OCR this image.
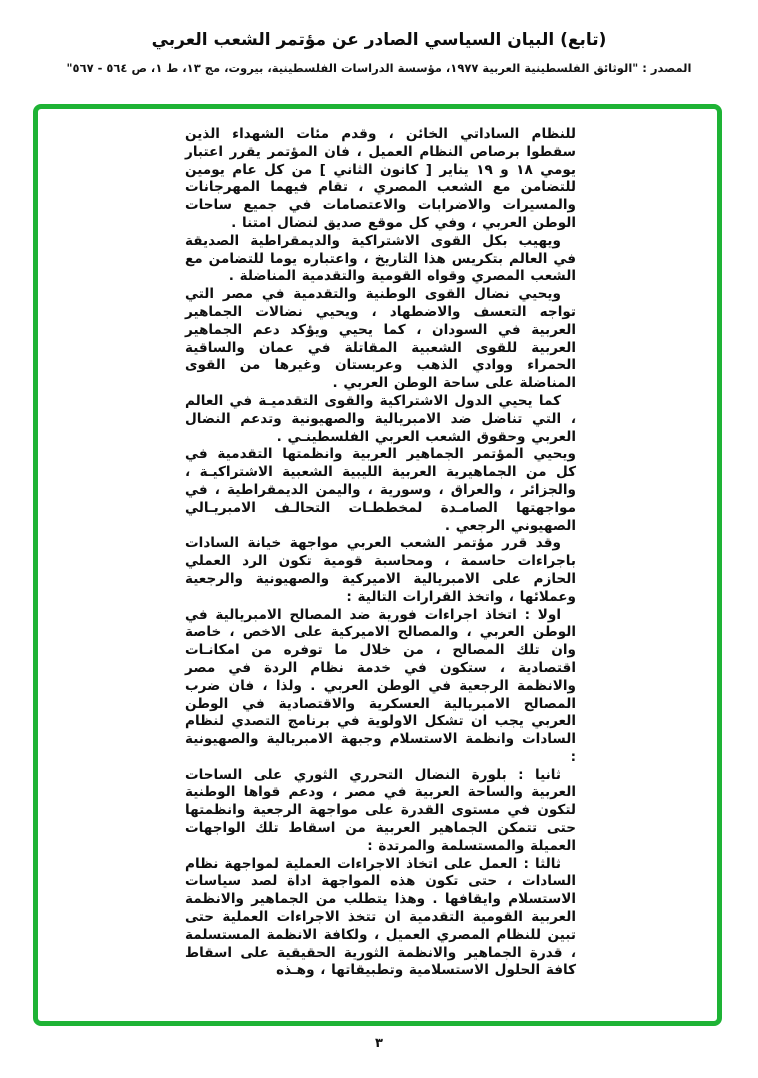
(تابع) البيان السياسي الصادر عن مؤتمر الشعب العربي
المصدر : "الوثائق الفلسطينية العربية ١٩٧٧، مؤسسة الدراسات الفلسطينية، بيروت، مج ١٣، ط ١، ص ٥٦٤ - ٥٦٧"

للنظام الساداتي الخائن ، وقدم مئات الشهداء الذين سقطوا برصاص النظام العميل ، فان المؤتمر يقرر اعتبار يومي ١٨ و ١٩ يناير [ كانون الثاني ] من كل عام يومين للتضامن مع الشعب المصري ، تقام فيهما المهرجانات والمسيرات والاضرابات والاعتصامات في جميع ساحات الوطن العربي ، وفي كل موقع صديق لنضال امتنا .

ويهيب بكل القوى الاشتراكية والديمقراطية الصديقة في العالم بتكريس هذا التاريخ ، واعتباره يوما للتضامن مع الشعب المصري وقواه القومية والتقدمية المناضلة .

ويحيي نضال القوى الوطنية والتقدمية في مصر التي تواجه التعسف والاضطهاد ، ويحيي نضالات الجماهير العربية في السودان ، كما يحيي ويؤكد دعم الجماهير العربية للقوى الشعبية المقاتلة في عمان والساقية الحمراء ووادي الذهب وعربستان وغيرها من القوى المناضلة على ساحة الوطن العربي .

كما يحيي الدول الاشتراكية والقوى التقدميـة في العالم ، التي تناضل ضد الامبريالية والصهيونية وتدعم النضال العربي وحقوق الشعب العربي الفلسطينـي .

ويحيي المؤتمر الجماهير العربية وانظمتها التقدمية في كل من الجماهيرية العربية الليبية الشعبية الاشتراكيـة ، والجزائر ، والعراق ، وسورية ، واليمن الديمقراطية ، في مواجهتها الصامـدة لمخططـات التحالـف الامبريـالي الصهيوني الرجعي .

وقد قرر مؤتمر الشعب العربي مواجهة خيانة السادات باجراءات حاسمة ، ومحاسبة قومية تكون الرد العملي الحازم على الامبريالية الاميركية والصهيونية والرجعية وعملائها ، واتخذ القرارات التالية :

اولا : اتخاذ اجراءات فورية ضد المصالح الامبريالية في الوطن العربي ، والمصالح الاميركية على الاخص ، خاصة وان تلك المصالح ، من خلال ما توفره من امكانـات اقتصادية ، ستكون في خدمة نظام الردة في مصر والانظمة الرجعية في الوطن العربي . ولذا ، فان ضرب المصالح الامبريالية العسكرية والاقتصادية في الوطن العربي يجب ان تشكل الاولوية في برنامج التصدي لنظام السادات وانظمة الاستسلام وجبهة الامبريالية والصهيونية :

ثانيا : بلورة النضال التحرري الثوري على الساحات العربية والساحة العربية في مصر ، ودعم قواها الوطنية لتكون في مستوى القدرة على مواجهة الرجعية وانظمتها حتى تتمكن الجماهير العربية من اسقاط تلك الواجهات العميلة والمستسلمة والمرتدة :

ثالثا : العمل على اتخاذ الاجراءات العملية لمواجهة نظام السادات ، حتى تكون هذه المواجهة اداة لصد سياسات الاستسلام وايقافها . وهذا يتطلب من الجماهير والانظمة العربية القومية التقدمية ان تتخذ الاجراءات العملية حتى تبين للنظام المصري العميل ، ولكافة الانظمة المستسلمة ، قدرة الجماهير والانظمة الثورية الحقيقية على اسقاط كافة الحلول الاستسلامية وتطبيقاتها ، وهـذه

٣
